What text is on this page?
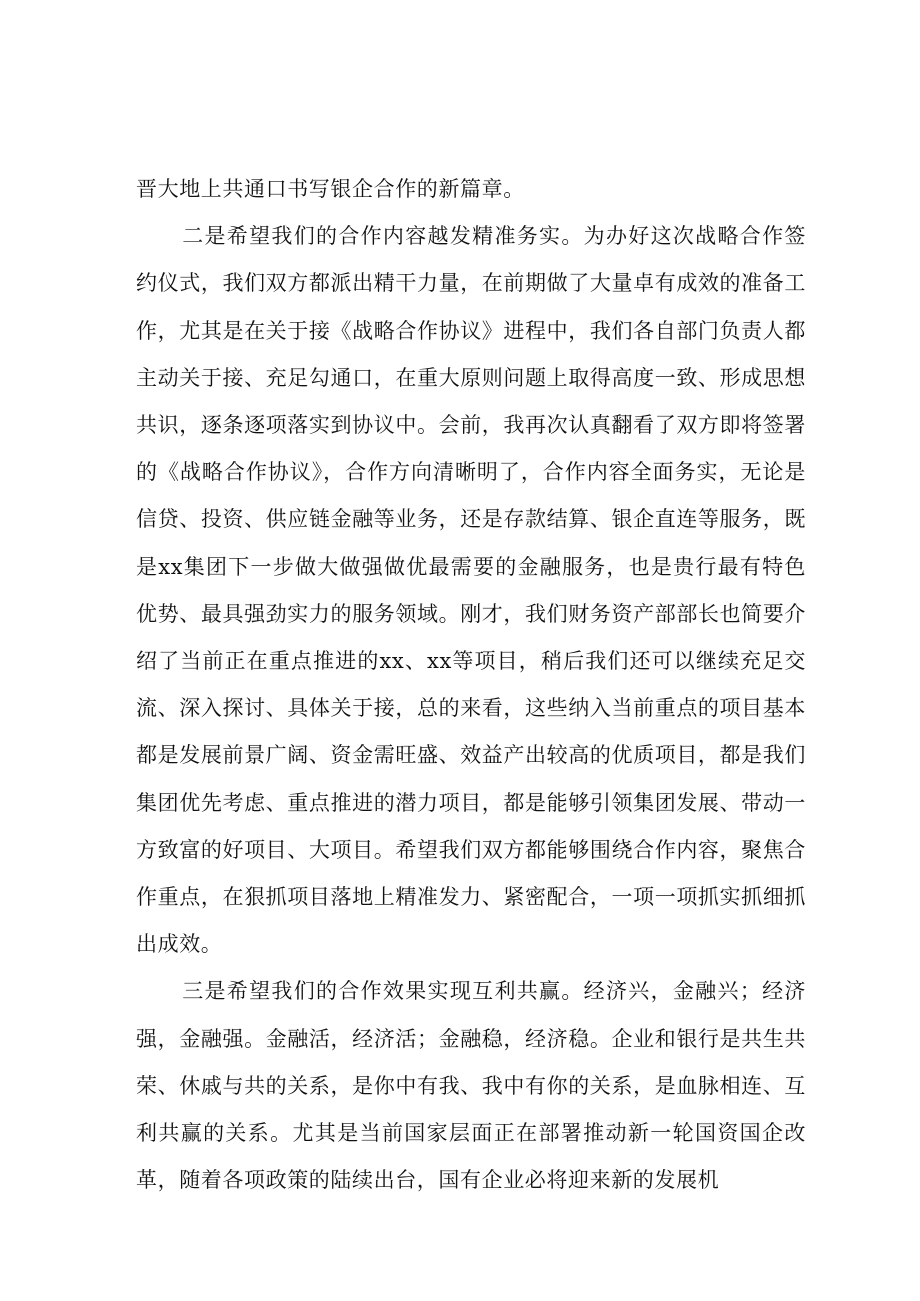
晋大地上共通口书写银企合作的新篇章。

二是希望我们的合作内容越发精准务实。为办好这次战略合作签约仪式，我们双方都派出精干力量，在前期做了大量卓有成效的准备工作，尤其是在关于接《战略合作协议》进程中，我们各自部门负责人都主动关于接、充足勾通口，在重大原则问题上取得高度一致、形成思想共识，逐条逐项落实到协议中。会前，我再次认真翻看了双方即将签署的《战略合作协议》，合作方向清晰明了，合作内容全面务实，无论是信贷、投资、供应链金融等业务，还是存款结算、银企直连等服务，既是xx集团下一步做大做强做优最需要的金融服务，也是贵行最有特色优势、最具强劲实力的服务领域。刚才，我们财务资产部部长也简要介绍了当前正在重点推进的xx、xx等项目，稍后我们还可以继续充足交流、深入探讨、具体关于接，总的来看，这些纳入当前重点的项目基本都是发展前景广阔、资金需旺盛、效益产出较高的优质项目，都是我们集团优先考虑、重点推进的潜力项目，都是能够引领集团发展、带动一方致富的好项目、大项目。希望我们双方都能够围绕合作内容，聚焦合作重点，在狠抓项目落地上精准发力、紧密配合，一项一项抓实抓细抓出成效。

三是希望我们的合作效果实现互利共赢。经济兴，金融兴；经济强，金融强。金融活，经济活；金融稳，经济稳。企业和银行是共生共荣、休戚与共的关系，是你中有我、我中有你的关系，是血脉相连、互利共赢的关系。尤其是当前国家层面正在部署推动新一轮国资国企改革，随着各项政策的陆续出台，国有企业必将迎来新的发展机
